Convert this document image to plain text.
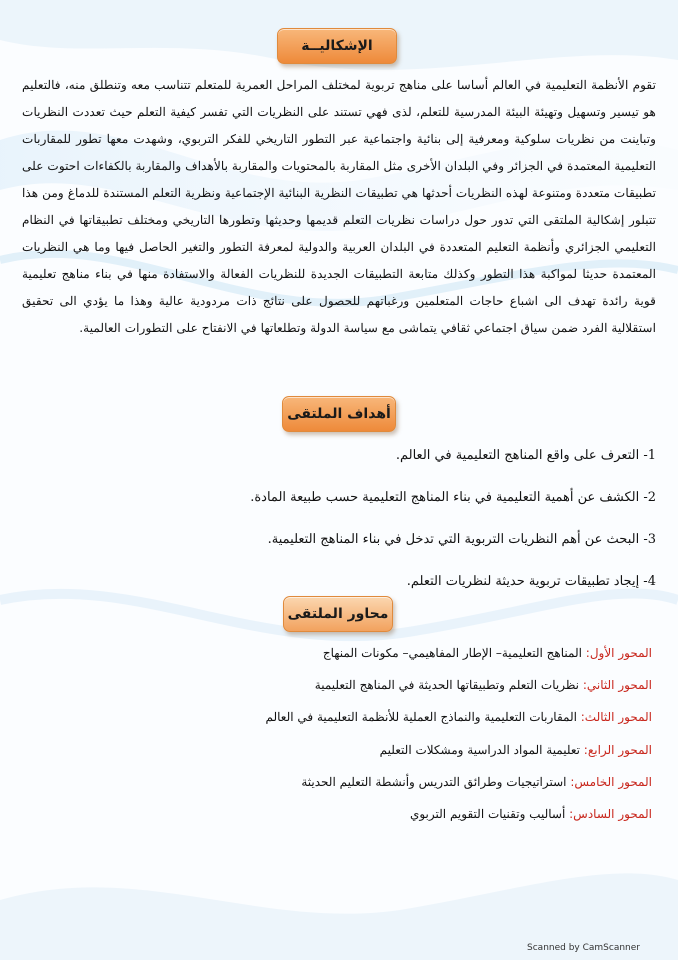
الإشكاليــة
تقوم الأنظمة التعليمية في العالم أساسا على مناهج تربوية لمختلف المراحل العمرية للمتعلم تتناسب معه وتنطلق منه، فالتعليم هو تيسير وتسهيل وتهيئة البيئة المدرسية للتعلم، لذى فهي تستند على النظريات التي تفسر كيفية التعلم حيث تعددت النظريات وتباينت من نظريات سلوكية ومعرفية إلى بنائية واجتماعية عبر التطور التاريخي للفكر التربوي، وشهدت معها تطور للمقاربات التعليمية المعتمدة في الجزائر وفي البلدان الأخرى مثل المقاربة بالمحتويات والمقاربة بالأهداف والمقاربة بالكفاءات احتوت على تطبيقات متعددة ومتنوعة لهذه النظريات أحدثها هي تطبيقات النظرية البنائية الإجتماعية ونظرية التعلم المستندة للدماغ ومن هذا تتبلور إشكالية الملتقى التي تدور حول دراسات نظريات التعلم قديمها وحديثها وتطورها التاريخي ومختلف تطبيقاتها في النظام التعليمي الجزائري وأنظمة التعليم المتعددة في البلدان العربية والدولية لمعرفة التطور والتغير الحاصل فيها وما هي النظريات المعتمدة حديثا لمواكبة هذا التطور وكذلك متابعة التطبيقات الجديدة للنظريات الفعالة والاستفادة منها في بناء مناهج تعليمية قوية رائدة تهدف الى اشباع حاجات المتعلمين ورغباتهم للحصول على نتائج ذات مردودية عالية وهذا ما يؤدي الى تحقيق استقلالية الفرد ضمن سياق اجتماعي ثقافي يتماشى مع سياسة الدولة وتطلعاتها في الانفتاح على التطورات العالمية.
أهداف الملتقى
1- التعرف على واقع المناهج التعليمية في العالم.
2- الكشف عن أهمية التعليمية في بناء المناهج التعليمية حسب طبيعة المادة.
3- البحث عن أهم النظريات التربوية التي تدخل في بناء المناهج التعليمية.
4- إيجاد تطبيقات تربوية حديثة لنظريات التعلم.
محاور الملتقى
المحور الأول: المناهج التعليمية– الإطار المفاهيمي– مكونات المنهاج
المحور الثاني: نظريات التعلم وتطبيقاتها الحديثة في المناهج التعليمية
المحور الثالث: المقاربات التعليمية والنماذج العملية للأنظمة التعليمية في العالم
المحور الرابع: تعليمية المواد الدراسية ومشكلات التعليم
المحور الخامس: استراتيجيات وطرائق التدريس وأنشطة التعليم الحديثة
المحور السادس: أساليب وتقنيات التقويم التربوي
Scanned by CamScanner
